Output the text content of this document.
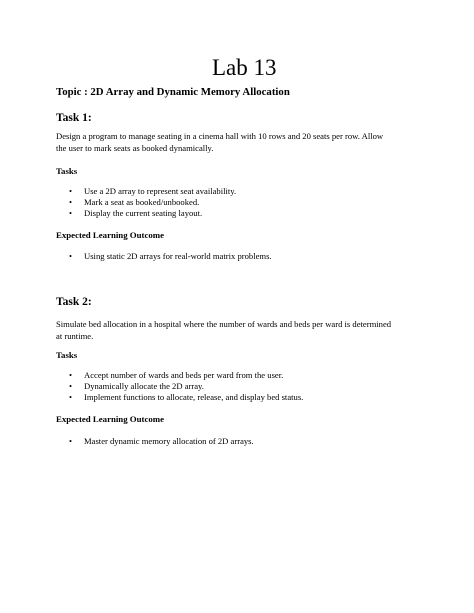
Lab 13
Topic : 2D Array and Dynamic Memory Allocation
Task 1:
Design a program to manage seating in a cinema hall with 10 rows and 20 seats per row. Allow
the user to mark seats as booked dynamically.
Tasks
• Use a 2D array to represent seat availability.
• Mark a seat as booked/unbooked.
• Display the current seating layout.
Expected Learning Outcome
• Using static 2D arrays for real-world matrix problems.
Task 2:
Simulate bed allocation in a hospital where the number of wards and beds per ward is determined
at runtime.
Tasks
• Accept number of wards and beds per ward from the user.
• Dynamically allocate the 2D array.
• Implement functions to allocate, release, and display bed status.
Expected Learning Outcome
• Master dynamic memory allocation of 2D arrays.
